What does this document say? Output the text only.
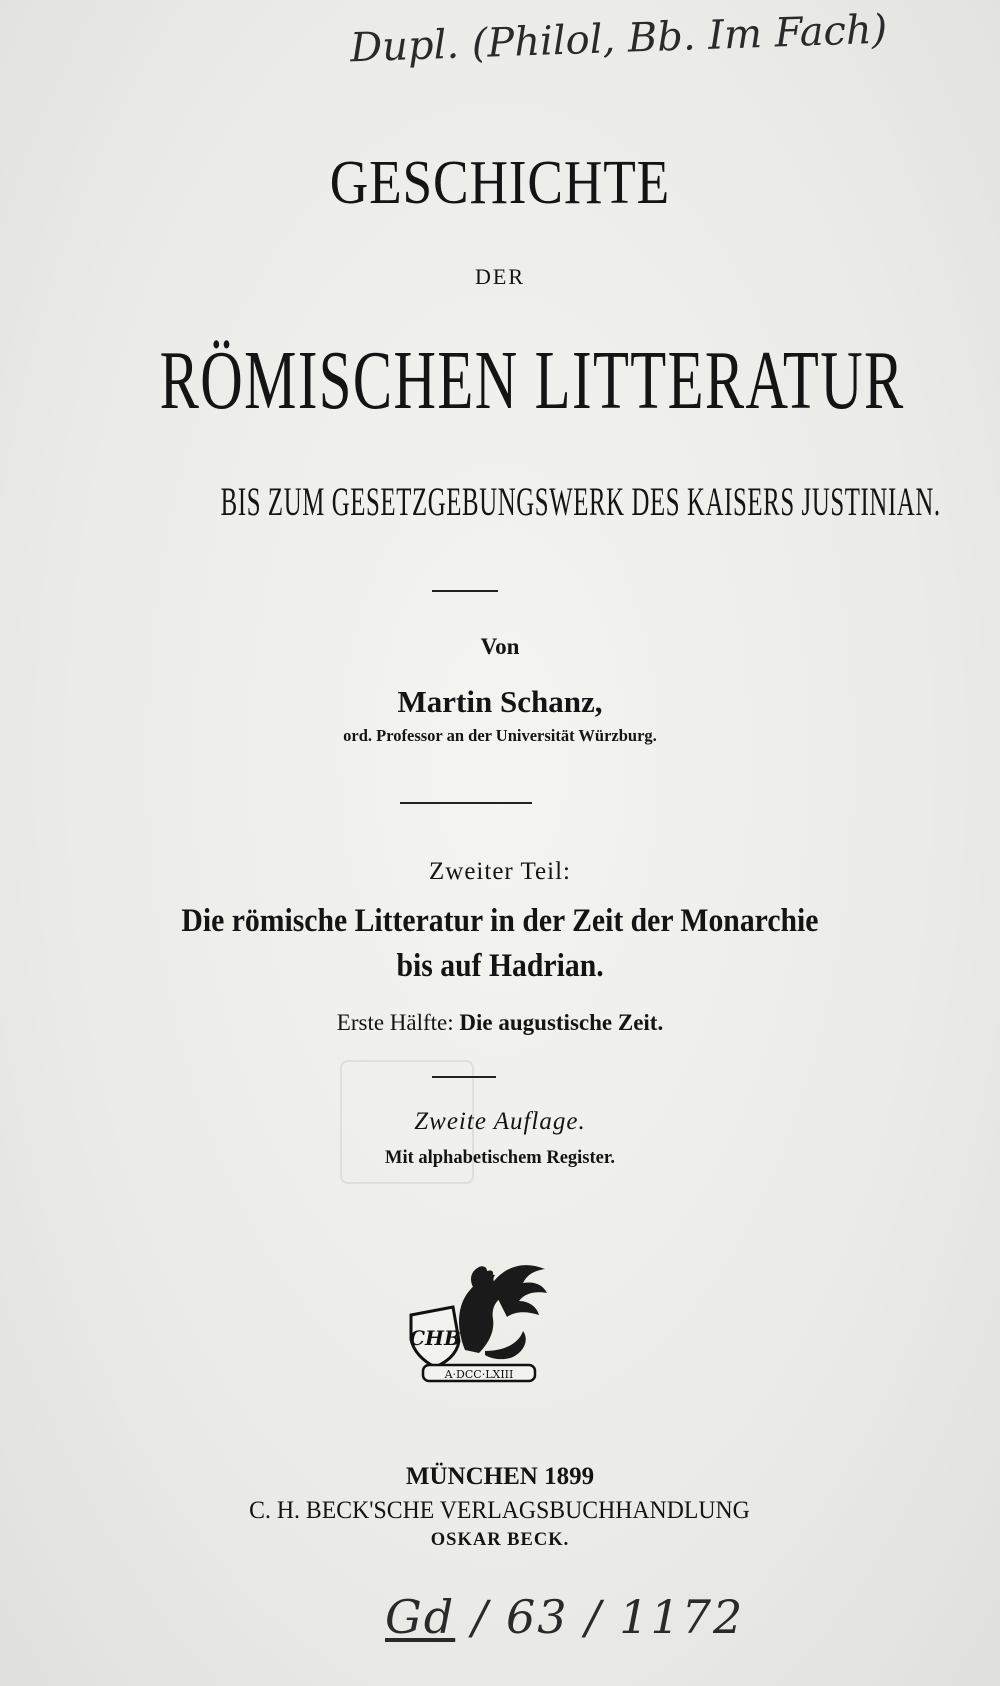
Dupl. (Philol, Bb. Im Fach)
GESCHICHTE
DER
RÖMISCHEN LITTERATUR
BIS ZUM GESETZGEBUNGSWERK DES KAISERS JUSTINIAN.
Von
Martin Schanz,
ord. Professor an der Universität Würzburg.
Zweiter Teil:
Die römische Litteratur in der Zeit der Monarchie
bis auf Hadrian.
Erste Hälfte: Die augustische Zeit.
Zweite Auflage.
Mit alphabetischem Register.
CHB
A·DCC·LXIII
MÜNCHEN 1899
C. H. BECK'SCHE VERLAGSBUCHHANDLUNG
OSKAR BECK.
Gd / 63 / 1172
